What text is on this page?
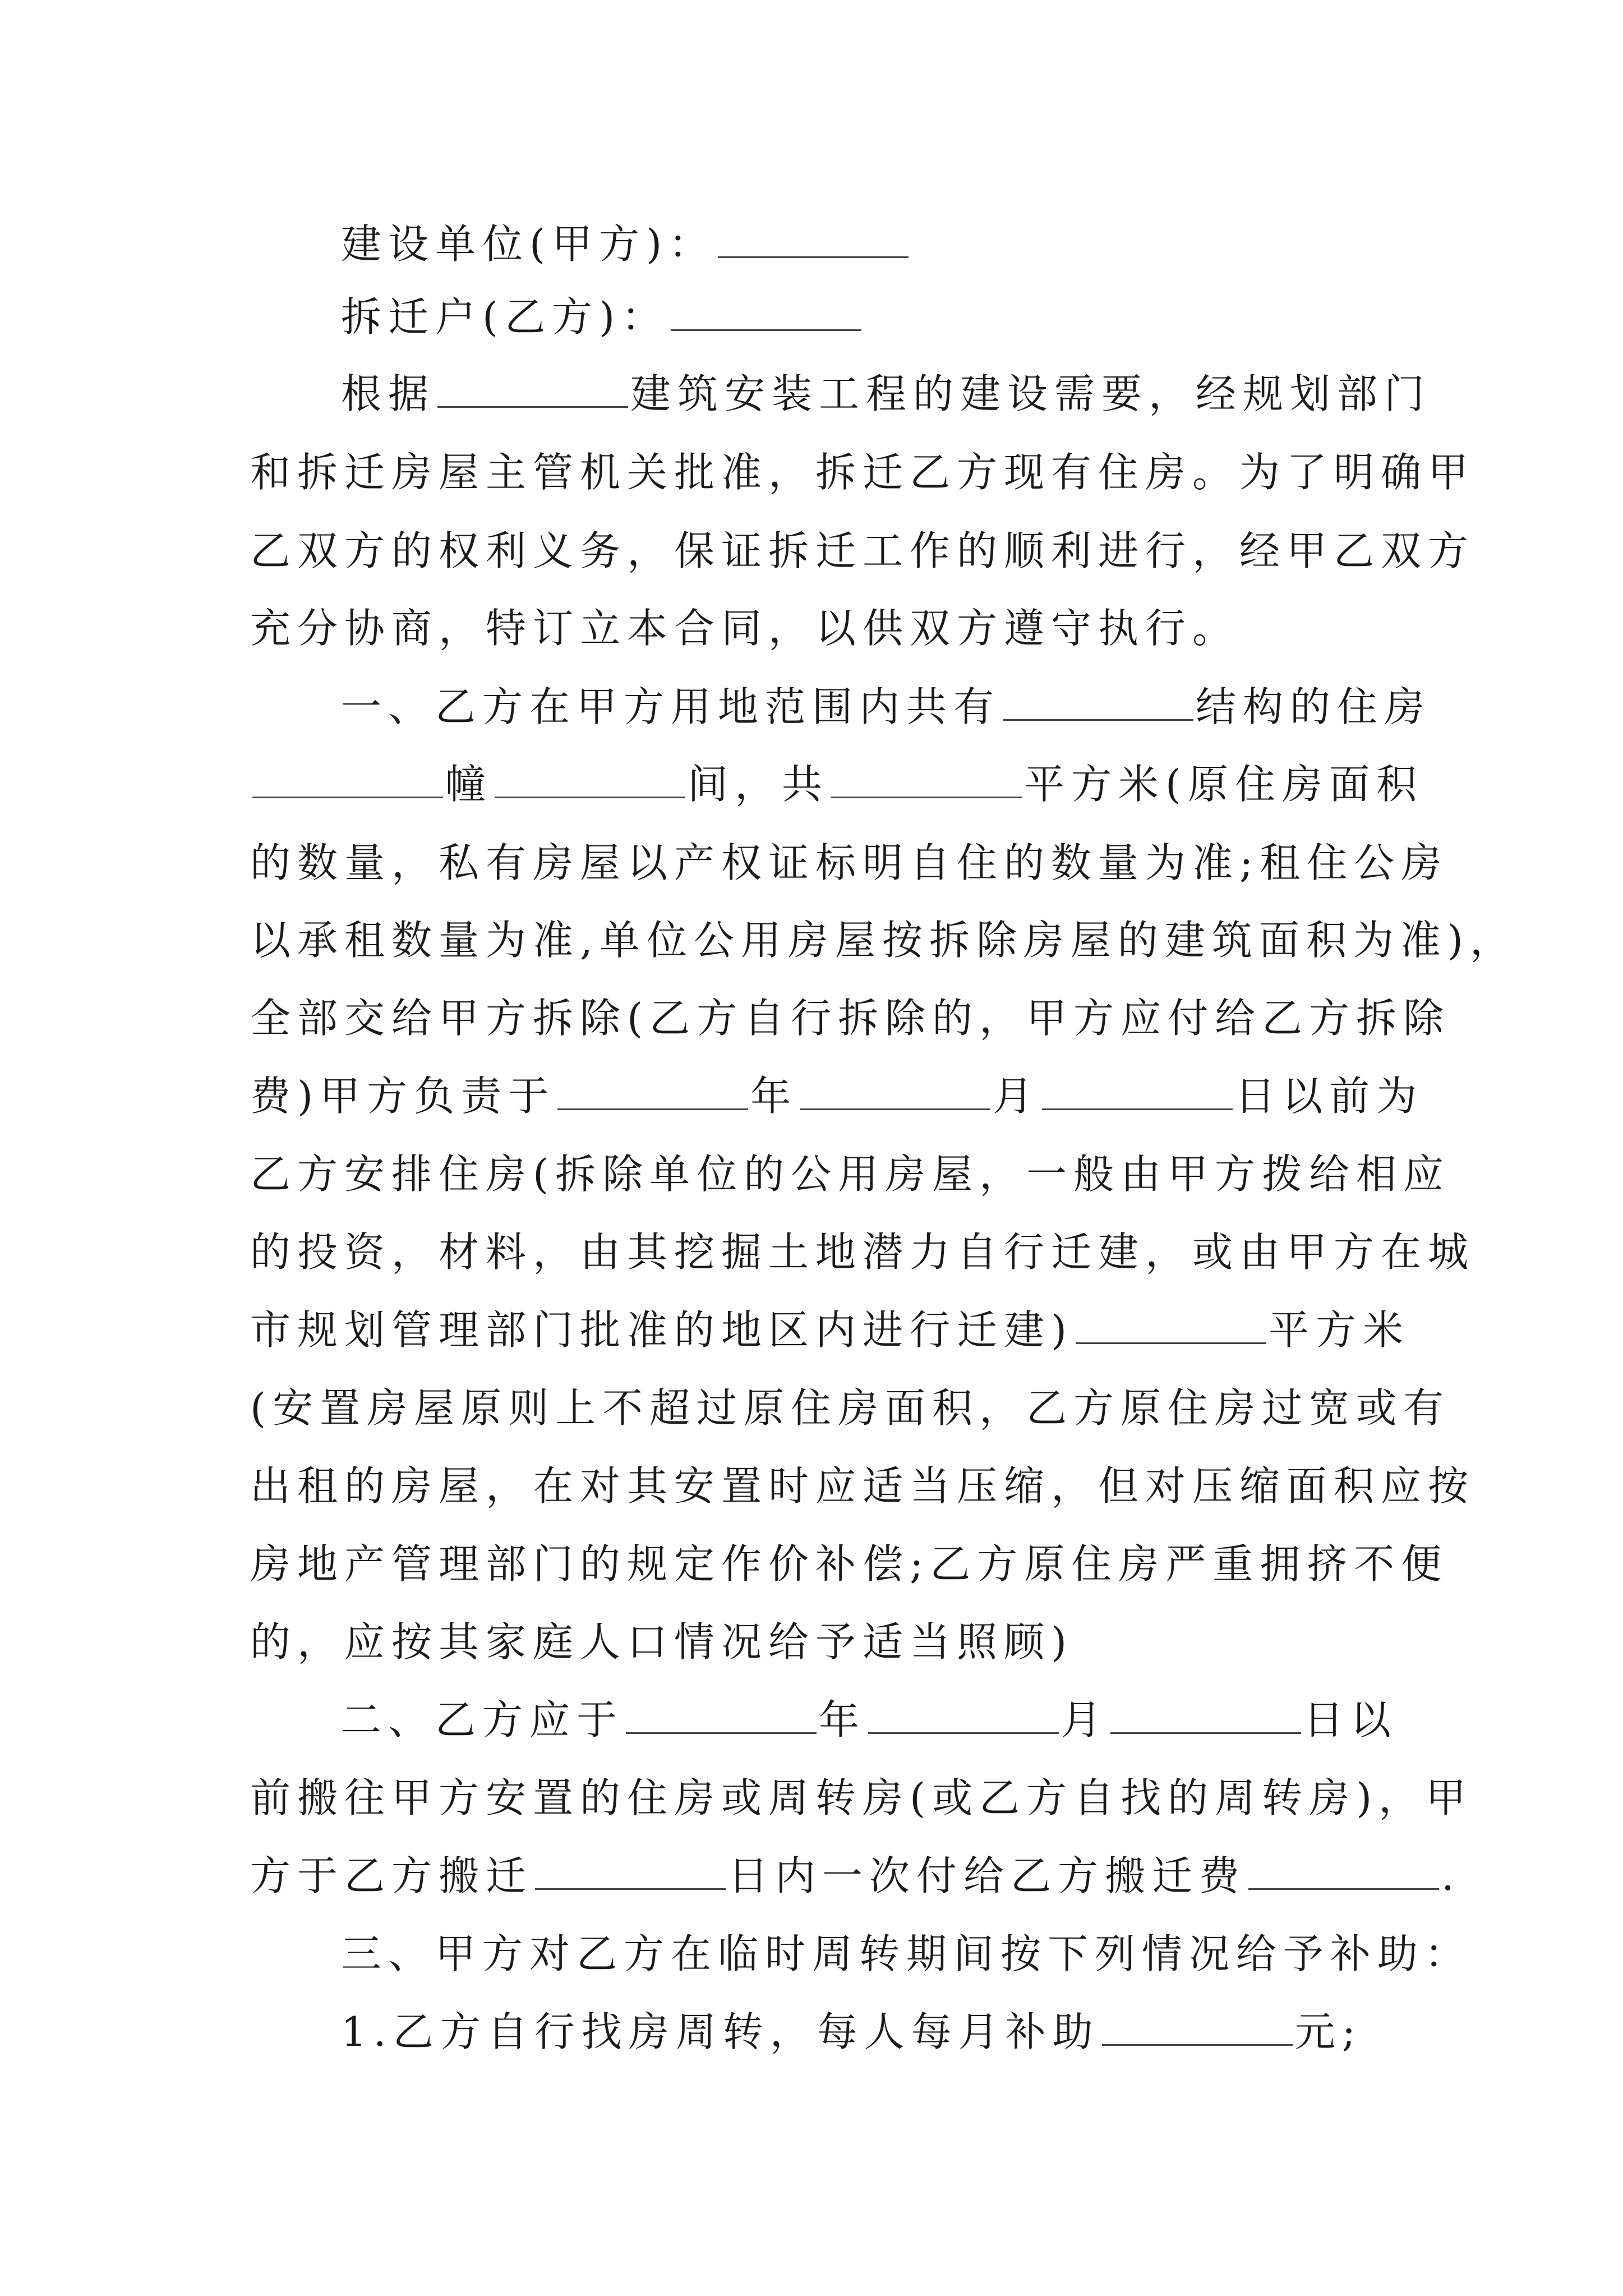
建设单位(甲方)：
拆迁户(乙方)：
根据	建筑安装工程的建设需要，经规划部门
和拆迁房屋主管机关批准，拆迁乙方现有住房。为了明确甲
乙双方的权利义务，保证拆迁工作的顺利进行，经甲乙双方
充分协商，特订立本合同，以供双方遵守执行。
一、乙方在甲方用地范围内共有	结构的住房
幢	间，共	平方米(原住房面积
的数量，私有房屋以产权证标明自住的数量为准;租住公房
以承租数量为准,单位公用房屋按拆除房屋的建筑面积为准)，
全部交给甲方拆除(乙方自行拆除的，甲方应付给乙方拆除
费)甲方负责于	年	月	日以前为
乙方安排住房(拆除单位的公用房屋，一般由甲方拨给相应
的投资，材料，由其挖掘土地潜力自行迁建，或由甲方在城
市规划管理部门批准的地区内进行迁建)	平方米
(安置房屋原则上不超过原住房面积，乙方原住房过宽或有
出租的房屋，在对其安置时应适当压缩，但对压缩面积应按
房地产管理部门的规定作价补偿;乙方原住房严重拥挤不便
的，应按其家庭人口情况给予适当照顾)
二、乙方应于	年	月	日以
前搬往甲方安置的住房或周转房(或乙方自找的周转房)，甲
方于乙方搬迁	日内一次付给乙方搬迁费	.
三、甲方对乙方在临时周转期间按下列情况给予补助：
1.乙方自行找房周转，每人每月补助	元;
